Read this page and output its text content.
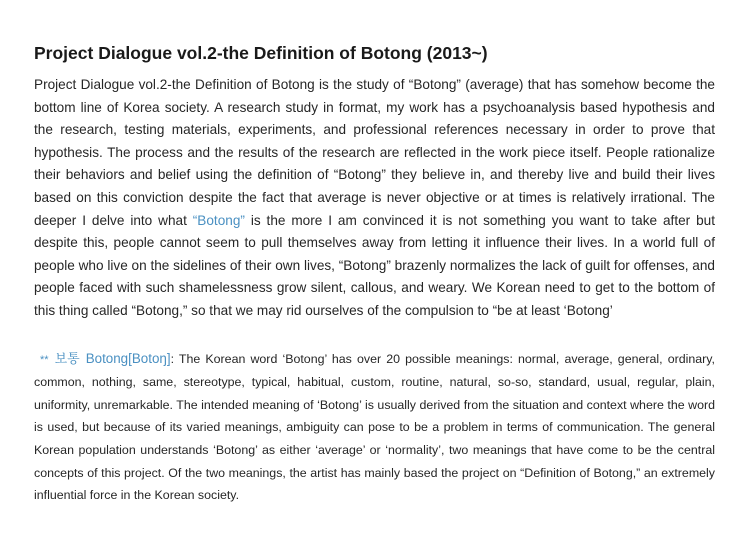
Project Dialogue vol.2-the Definition of Botong (2013~)

Project Dialogue vol.2-the Definition of Botong is the study of “Botong” (average) that has somehow become the bottom line of Korea society. A research study in format, my work has a psychoanalysis based hypothesis and the research, testing materials, experiments, and professional references necessary in order to prove that hypothesis. The process and the results of the research are reflected in the work piece itself. People rationalize their behaviors and belief using the definition of “Botong” they believe in, and thereby live and build their lives based on this conviction despite the fact that average is never objective or at times is relatively irrational. The deeper I delve into what “Botong” is the more I am convinced it is not something you want to take after but despite this, people cannot seem to pull themselves away from letting it influence their lives. In a world full of people who live on the sidelines of their own lives, “Botong” brazenly normalizes the lack of guilt for offenses, and people faced with such shamelessness grow silent, callous, and weary. We Korean need to get to the bottom of this thing called “Botong,” so that we may rid ourselves of the compulsion to “be at least ‘Botong’

** 보통 Botong[Botoŋ]: The Korean word ‘Botong’ has over 20 possible meanings: normal, average, general, ordinary, common, nothing, same, stereotype, typical, habitual, custom, routine, natural, so-so, standard, usual, regular, plain, uniformity, unremarkable. The intended meaning of ‘Botong’ is usually derived from the situation and context where the word is used, but because of its varied meanings, ambiguity can pose to be a problem in terms of communication. The general Korean population understands ‘Botong’ as either ‘average’ or ‘normality’, two meanings that have come to be the central concepts of this project. Of the two meanings, the artist has mainly based the project on “Definition of Botong,” an extremely influential force in the Korean society.
